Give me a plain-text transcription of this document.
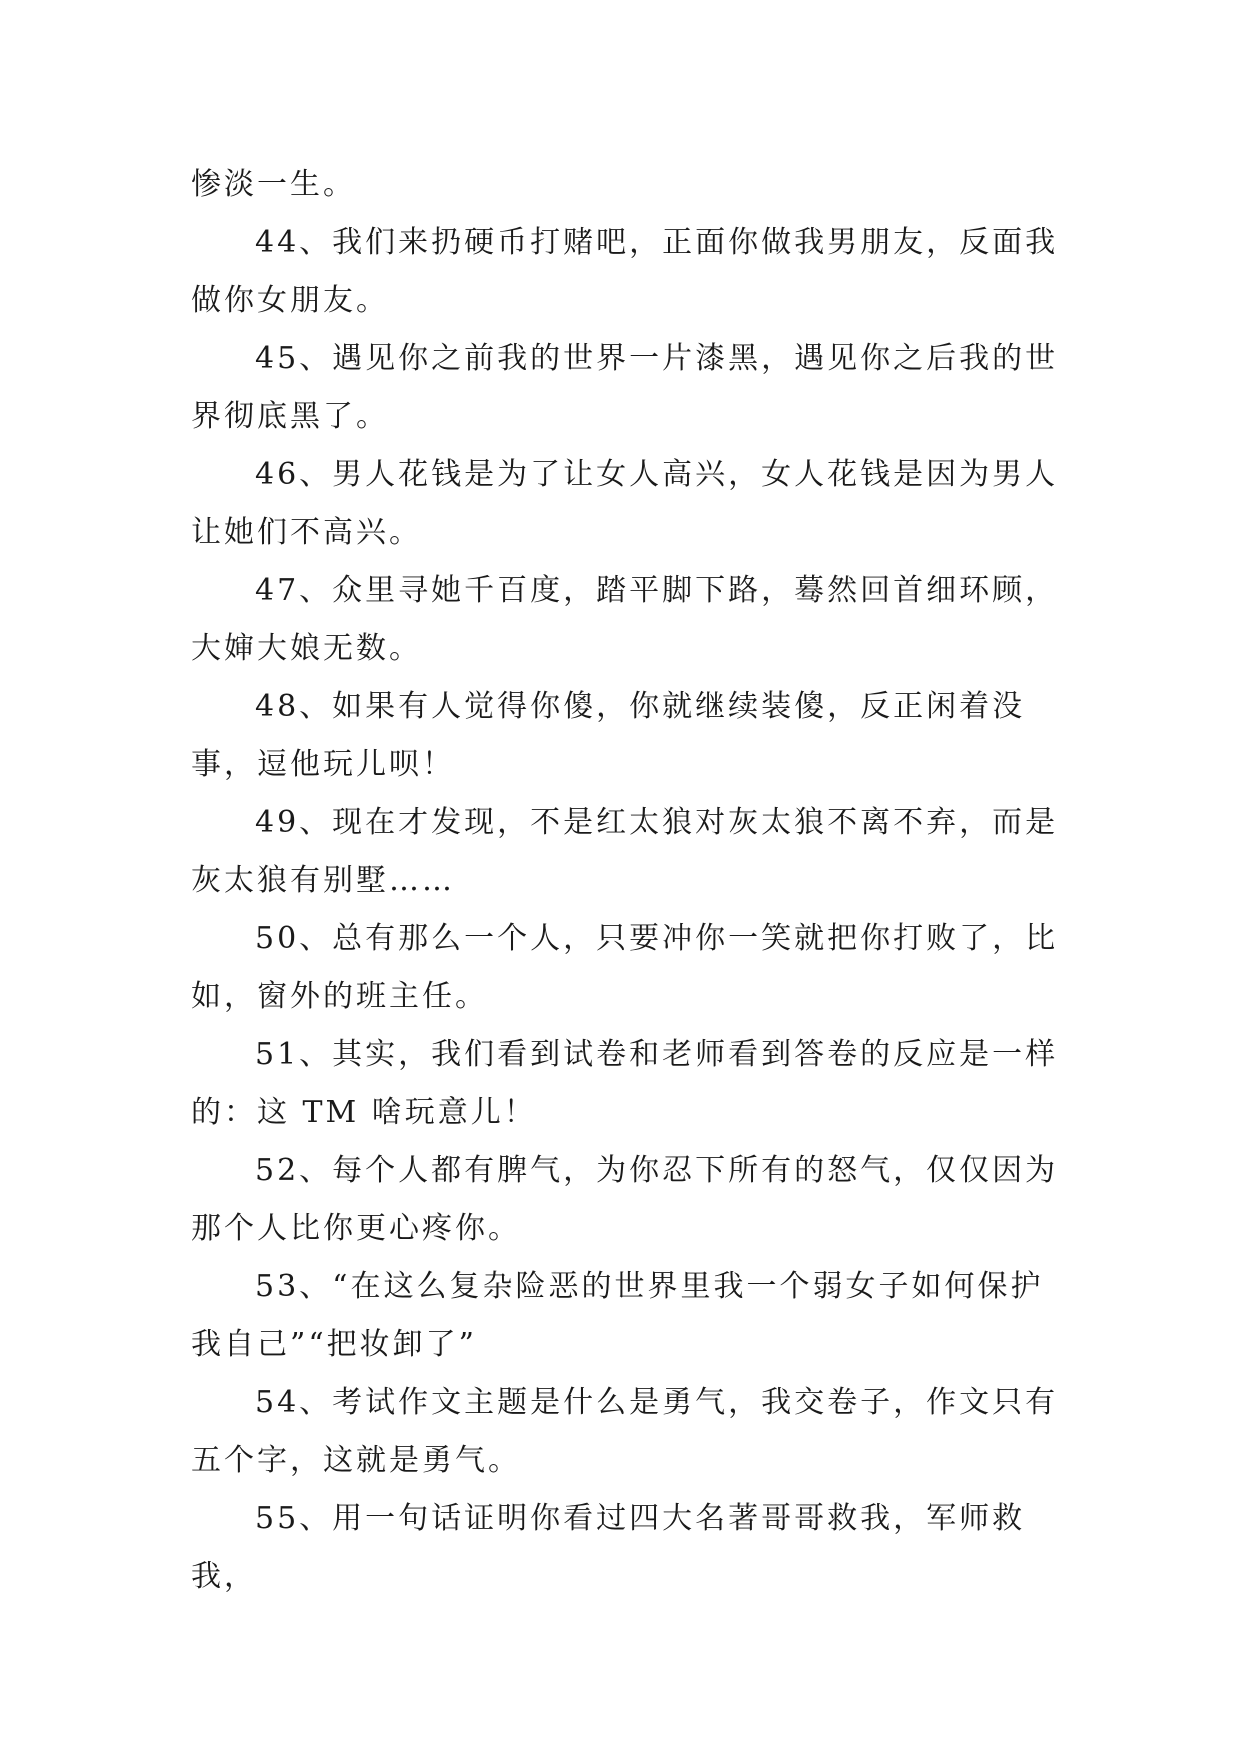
惨淡一生。

44、我们来扔硬币打赌吧，正面你做我男朋友，反面我做你女朋友。

45、遇见你之前我的世界一片漆黑，遇见你之后我的世界彻底黑了。

46、男人花钱是为了让女人高兴，女人花钱是因为男人让她们不高兴。

47、众里寻她千百度，踏平脚下路，蓦然回首细环顾，大婶大娘无数。

48、如果有人觉得你傻，你就继续装傻，反正闲着没事，逗他玩儿呗！

49、现在才发现，不是红太狼对灰太狼不离不弃，而是灰太狼有别墅……

50、总有那么一个人，只要冲你一笑就把你打败了，比如，窗外的班主任。

51、其实，我们看到试卷和老师看到答卷的反应是一样的：这 TM 啥玩意儿！

52、每个人都有脾气，为你忍下所有的怒气，仅仅因为那个人比你更心疼你。

53、“在这么复杂险恶的世界里我一个弱女子如何保护我自己”“把妆卸了”

54、考试作文主题是什么是勇气，我交卷子，作文只有五个字，这就是勇气。

55、用一句话证明你看过四大名著哥哥救我，军师救我，
